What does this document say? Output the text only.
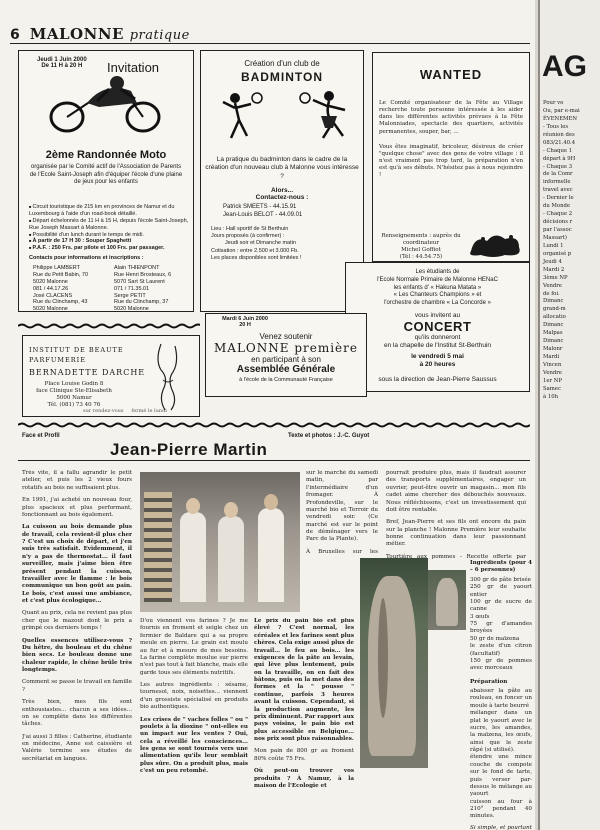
6 MALONNE pratique
Jeudi 1 Juin 2000
De 11 H à 20 H	Invitation
2ème Randonnée Moto
organisée par le Comité actif de l'Association de Parents de l'Ecole Saint-Joseph afin d'équiper l'école d'une plaine de jeux pour les enfants
■ Circuit touristique de 215 km en provinces de Namur et du Luxembourg à l'aide d'un road-book détaillé.
■ Départ échelonnés de 11 H à 15 H, depuis l'école Saint-Joseph, Rue Joseph Massart à Malonne.
■ Possibilité d'un lunch durant le temps de midi.
■ À partir de 17 H 30 : Souper Spaghetti
■ P.A.F. : 250 Frs. par pilote et 100 Frs. par passager.
Contacts pour informations et inscriptions :
Philippe LAMBERT
Rue du Petit Babin, 70
5020 Malonne
081 / 44.17.26
Alain THIENPONT
Rue Henri Brosteaux, 6
5070 Sart St Laurent
071 / 71.35.01
José CLACENS
Rue du Clinchamp, 43
5020 Malonne

Serge PETIT
Rue du Clinchamp, 37
5020 Malonne

Création d'un club de
BADMINTON
La pratique du badminton dans le cadre de la création d'un nouveau club à Malonne vous intéresse ?
Alors...
Contactez-nous :
Patrick SMEETS - 44.15.91
Jean-Louis BELOT - 44.09.01
Lieu : Hall sportif de St Berthuin
Jours proposés (à confirmer) :
Jeudi soir et Dimanche matin
Cotisation : entre 2.500 et 3.000 Fb.
Les places disponibles sont limitées !
WANTED
Le Comité organisateur de la Fête au Village recherche toute personne intéressée à les aider dans les différentes activités prévues à la Fête Malonniades, spectacle des quartiers, activités permanentes, souper, bar, ...
Vous êtes imaginatif, bricoleur, désireux de créer "quelque chose" avec des gens de votre village : il n'est vraiment pas trop tard, la préparation n'en est qu'à ses débuts. N'hésitez pas à nous rejoindre !
Renseignements : auprès du coordinateur
Michel Goffiot
(Tél : 44.54.75)
Les étudiants de
l'Ecole Normale Primaire de Malonne HENaC
les enfants d' « Hakuna Matata »
« Les Chanteurs Champions » et
l'orchestre de chambre « La Concorde »
vous invitent au
CONCERT
qu'ils donneront
en la chapelle de l'Institut St-Berthuin
le vendredi 5 mai
à 20 heures
sous la direction de Jean-Pierre Saussus
INSTITUT DE BEAUTE
PARFUMERIE
BERNADETTE DARCHE
Place Louise Godin 8
face Clinique Ste-Elisabeth
5000 Namur
Tél. (081) 73 40 76
sur rendez-vous     fermé le lundi
Mardi 6 Juin 2000
20 H
Venez soutenir
MALONNE première
en participant à son
Assemblée Générale
à l'école de la Communauté Française
Face et Profil	Texte et photos : J.-C. Guyot
Jean-Pierre Martin

Très vite, il a fallu agrandir le petit atelier, et puis les 2 vieux fours rotatifs au bois ne suffisaient plus.

En 1991, j'ai acheté un nouveau four, plus spacieux et plus performant, fonctionnant au bois également.

La cuisson au bois demande plus de travail, cela revient-il plus cher ? C'est un choix de départ, et j'en suis très satisfait. Evidemment, il n'y a pas de thermostat... il faut surveiller, mais j'aime bien être présent pendant la cuisson, travailler avec le flamme : le bois communique un bon goût au pain. Le bois, c'est aussi une ambiance, et c'est plus écologique...

Quant au prix, cela ne revient pas plus cher que le mazout dont le prix a grimpé ces derniers temps !

Quelles essences utilisez-vous ? Du hêtre, du bouleau et du chêne bien secs. Le bouleau donne une chaleur rapide, le chêne brûle très longtemps.

Comment se passe le travail en famille ?

Très bien, mes fils sont enthousiastes... chacun a ses idées... on se complète dans les différentes tâches.

J'ai aussi 3 filles : Catherine, étudiante en médecine, Anne est caissière et Valérie termine ses études de secrétariat en langues.

D'où viennent vos farines ? Je me fournis en froment et seigle chez un fermier de Baldare qui a sa propre meule en pierre. Le grain est moulu au fur et à mesure de mes besoins. La farine complète moulue sur pierre n'est pas tout à fait blanche, mais elle garde tous ses éléments nutritifs.

Les autres ingrédients : sésame, tournesol, noix, noisettes... viennent d'un grossiste spécialisé en produits bio authentiques.

Les crises de " vaches folles " ou " poulets à la dioxine " ont-elles eu un impact sur les ventes ? Oui, cela a réveillé les consciences... les gens se sont tournés vers une alimentation qu'ils leur semblait plus sûre. On a produit plus, mais c'est un peu retombé.

Le prix du pain bio est plus élevé ? C'est normal, les céréales et les farines sont plus chères. Cela exige aussi plus de travail... le feu au bois... les exigences de la pâte au levain, qui lève plus lentement, puis on la travaille, on en fait des bâtons, puis on la met dans des formes et la " pousse " continue, parfois 3 heures avant la cuisson. Cependant, si la production augmente, les prix diminuent. Par rapport aux pays voisins, le pain bio est plus accessible en Belgique... nos prix sont plus raisonnables.

Mon pain de 800 gr au froment 80% coûte 75 Frs.

Où peut-on trouver vos produits ? À Namur, à la maison de l'Ecologie et

sur le marché du samedi matin, par l'intermédiaire d'un fromager. À Profondeville, sur le marché bio et Terroir du vendredi soir. (Ce marché est sur le point de déménager vers le Parc de la Plante).

À Bruxelles sur les

pourrait produire plus, mais il faudrait assurer des transports supplémentaires, engager un ouvrier, peut-être ouvrir un magasin... mon fils cadet aime chercher des débouchés nouveaux. Nous réfléchissons, c'est un investissement qui doit être rentable.

Bref, Jean-Pierre et ses fils ont encore du pain sur la planche ! Malonne Première leur souhaite bonne continuation dans leur passionnant métier.

Tourtière aux pommes - Recette offerte par

Ingrédients (pour 4 – 6 personnes)
300 gr de pâte brisée
250 gr de yaourt entier
100 gr de sucre de canne
3 œufs
75 gr d'amandes broyées
50 gr de maïzena
le zeste d'un citron (facultatif)
150 gr de pommes avec morceaux
Préparation
abaisser la pâte au rouleau, en foncer un moule à tarte beurré
mélanger dans un plat le yaourt avec le sucre, les amandes, la maïzena, les œufs, ainsi que le zeste râpé (si utilisé).
étendre une mince couche de compote sur le fond de tarte, puis verser par-dessus le mélange au yaourt
cuisson au four à 210° pendant 40 minutes.
Si simple, et pourtant
AG
Pour vo
Ou, par e-mai
ÉVENEMEN
- Tous les
réunion des
083/21.40.4
- Chaque 1
départ à 9H
- Chaque 3
de la Comr
informelle
travel avec
- Dernier le
du Monde
- Chaque 2
décisions r
par l'assoc
Massart)
Lundi 1
organisé p
Jeudi 4
Mardi 2
3ème NP
Vendre
de foi.
Dimanc
grand-m
allocatio
Dimanc
Malpas
Dimanc
Malonr
Mardi
Vincen
Vendre
1er NP
Samec
à 10h
